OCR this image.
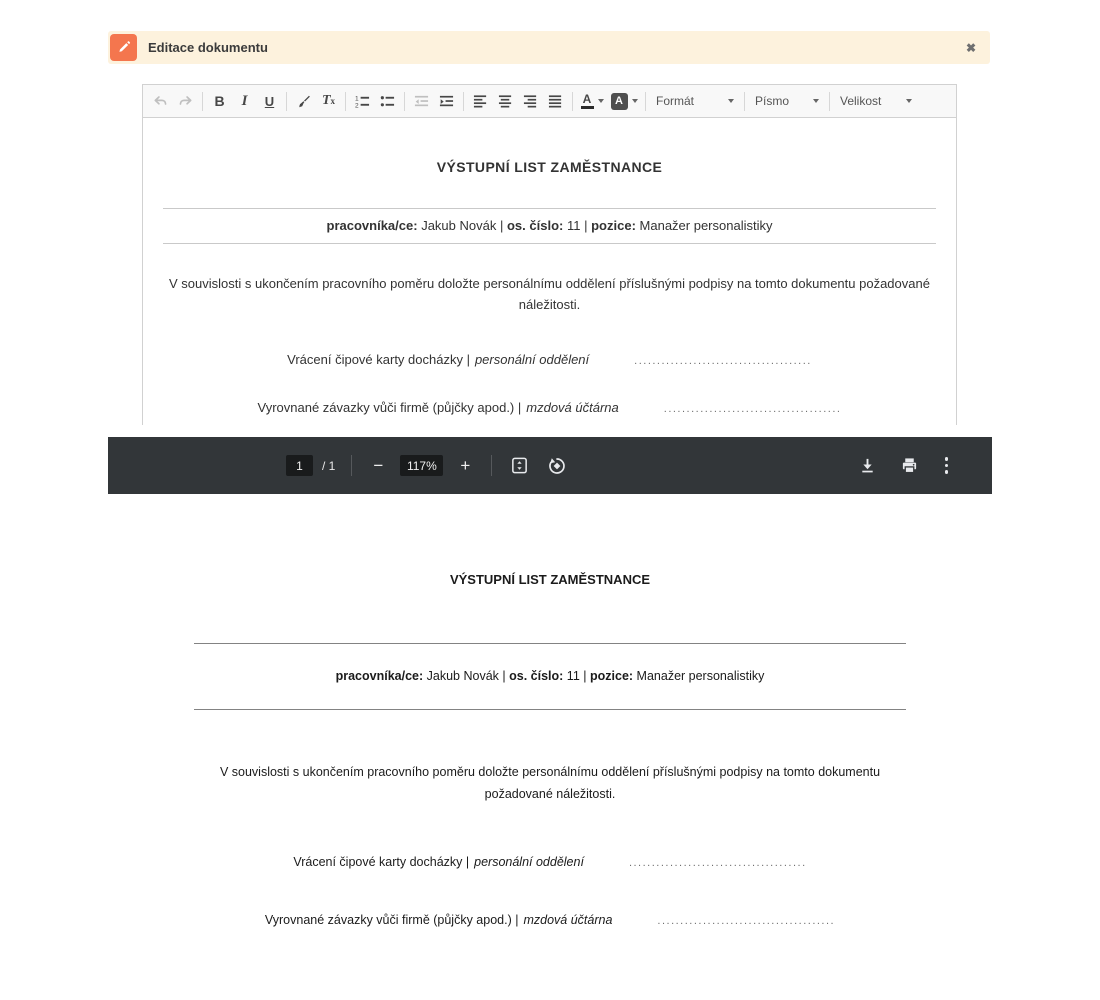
Editace dokumentu	✖
B	I	U	T x	1
2	A	A	Formát	Písmo	Velikost
VÝSTUPNÍ LIST ZAMĚSTNANCE
pracovníka/ce: Jakub Novák | os. číslo: 11 | pozice: Manažer personalistiky
V souvislosti s ukončením pracovního poměru doložte personálnímu oddělení příslušnými podpisy na tomto dokumentu požadované náležitosti.
Vrácení čipové karty docházky | personální oddělení	.......................................
Vyrovnané závazky vůči firmě (půjčky apod.) | mzdová účtárna	.......................................
1	/ 1 −	117%	+
VÝSTUPNÍ LIST ZAMĚSTNANCE
pracovníka/ce: Jakub Novák | os. číslo: 11 | pozice: Manažer personalistiky
V souvislosti s ukončením pracovního poměru doložte personálnímu oddělení příslušnými podpisy na tomto dokumentu požadované náležitosti.
Vrácení čipové karty docházky | personální oddělení	.......................................
Vyrovnané závazky vůči firmě (půjčky apod.) | mzdová účtárna	.......................................
